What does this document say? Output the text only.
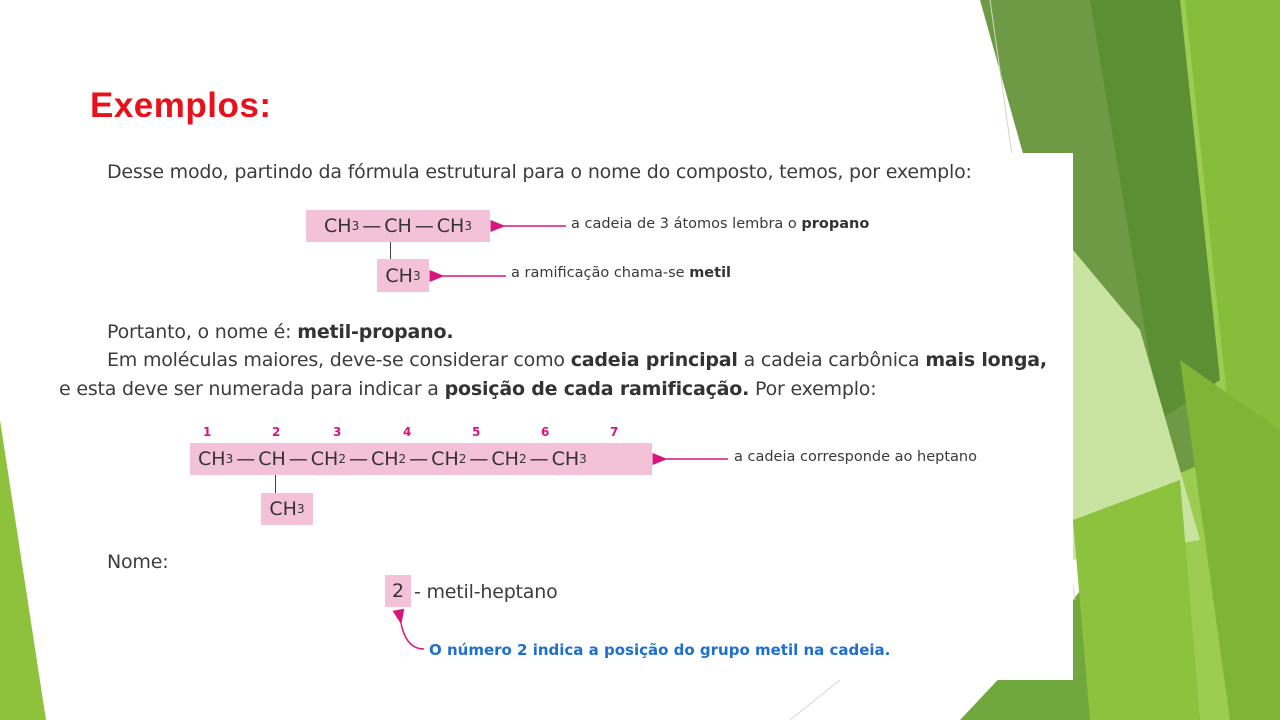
Exemplos:

Desse modo, partindo da fórmula estrutural para o nome do composto, temos, por exemplo:

CH 3 — CH — CH 3
CH 3
a cadeia de 3 átomos lembra o propano
a ramificação chama-se metil

Portanto, o nome é: metil-propano.

Em moléculas maiores, deve-se considerar como cadeia principal a cadeia carbônica mais longa,

e esta deve ser numerada para indicar a posição de cada ramificação. Por exemplo:

1	2	3	4	5	6	7
CH 3 — CH — CH 2 — CH 2 — CH 2 — CH 2 — CH 3
CH 3
a cadeia corresponde ao heptano

Nome:

2 - metil-heptano

O número 2 indica a posição do grupo metil na cadeia.
